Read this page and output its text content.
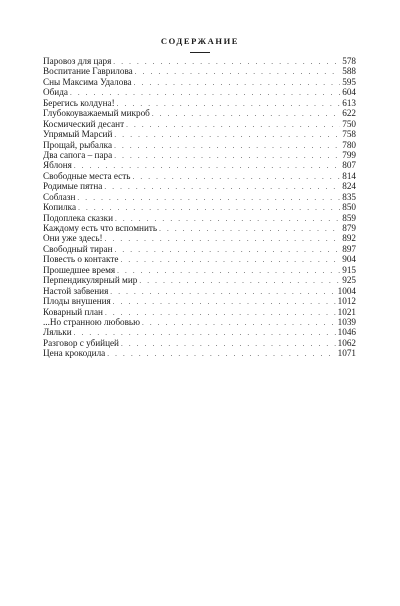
СОДЕРЖАНИЕ
Паровоз для царя . . .	578
Воспитание Гаврилова . . .	588
Сны Максима Удалова . . .	595
Обида . . .	604
Берегись колдуна! . . .	613
Глубокоуважаемый микроб . . .	622
Космический десант . . .	750
Упрямый Марсий . . .	758
Прощай, рыбалка . . .	780
Два сапога – пара . . .	799
Яблоня . . .	807
Свободные места есть . . .	814
Родимые пятна . . .	824
Соблазн . . .	835
Копилка . . .	850
Подоплека сказки . . .	859
Каждому есть что вспомнить . . .	879
Они уже здесь! . . .	892
Свободный тиран . . .	897
Повесть о контакте . . .	904
Прошедшее время . . .	915
Перпендикулярный мир . . .	925
Настой забвения . . .	1004
Плоды внушения . . .	1012
Коварный план . . .	1021
...Но странною любовью . . .	1039
Ляльки . . .	1046
Разговор с убийцей . . .	1062
Цена крокодила . . .	1071
